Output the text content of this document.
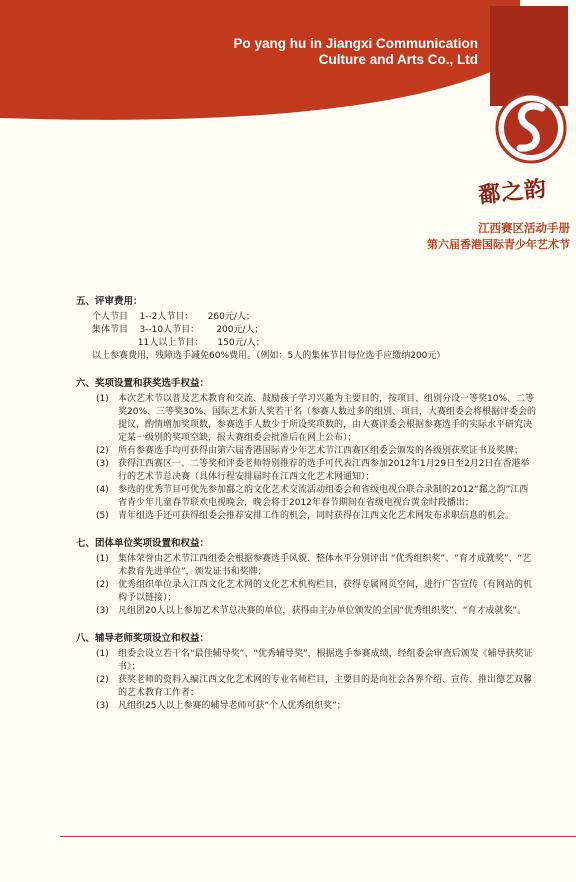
Po yang hu in Jiangxi Communication
Culture and Arts Co., Ltd
鄱之韵
江西赛区活动手册
第六届香港国际青少年艺术节
五、评审费用：
个人节目    1--2人节目：     260元/人；
集体节目    3--10人节目：      200元/人；
11人以上节目：     150元/人；
以上参赛费用，残障选手减免60%费用。（例如：5人的集体节目每位选手应缴纳200元）
六、奖项设置和获奖选手权益：
(1)	本次艺术节以普及艺术教育和交流、鼓励孩子学习兴趣为主要目的，按项目、组别分设一等奖10%、二等奖20%、三等奖30%、国际艺术新人奖若干名（参赛人数过多的组别、项目，大赛组委会将根据评委会的提议，酌情增加奖项数，参赛选手人数少于所设奖项数的，由大赛评委会根据参赛选手的实际水平研究决定某一级别的奖项空缺，报大赛组委会批准后在网上公布）；
(2)	所有参赛选手均可获得由第六届香港国际青少年艺术节江西赛区组委会颁发的各级别获奖证书及奖牌；
(3)	获得江西赛区一、二等奖和评委老师特别推荐的选手可代表江西参加2012年1月29日至2月2日在香港举行的艺术节总决赛（具体行程安排届时在江西文化艺术网通知）；
(4)	参选的优秀节目可优先参加鄱之韵文化艺术交流活动组委会和省级电视台联合录制的2012“鄱之韵”江西省青少年儿童春节联欢电视晚会，晚会将于2012年春节期间在省级电视台黄金时段播出；
(5)	青年组选手还可获得组委会推荐安排工作的机会，同时获得在江西文化艺术网发布求职信息的机会。
七、团体单位奖项设置和权益：
(1)	集体荣誉由艺术节江西组委会根据参赛选手风貌、整体水平分别评出 “优秀组织奖”、“育才成就奖”、“艺术教育先进单位”，颁发证书和奖牌；
(2)	优秀组织单位录入江西文化艺术网的文化艺术机构栏目，获得专属网页空间，进行广告宣传（有网站的机构予以链接）；
(3)	凡组团20人以上参加艺术节总决赛的单位，获得由主办单位颁发的全国“优秀组织奖”、“育才成就奖”。
八、辅导老师奖项设立和权益：
(1)	组委会设立若干名“最佳辅导奖”、“优秀辅导奖”，根据选手参赛成绩，经组委会审查后颁发《辅导获奖证书》；
(2)	获奖老师的资料入编江西文化艺术网的专业名师栏目，主要目的是向社会各界介绍、宣传、推出德艺双馨的艺术教育工作者；
(3)	凡组织25人以上参赛的辅导老师可获“个人优秀组织奖”；
